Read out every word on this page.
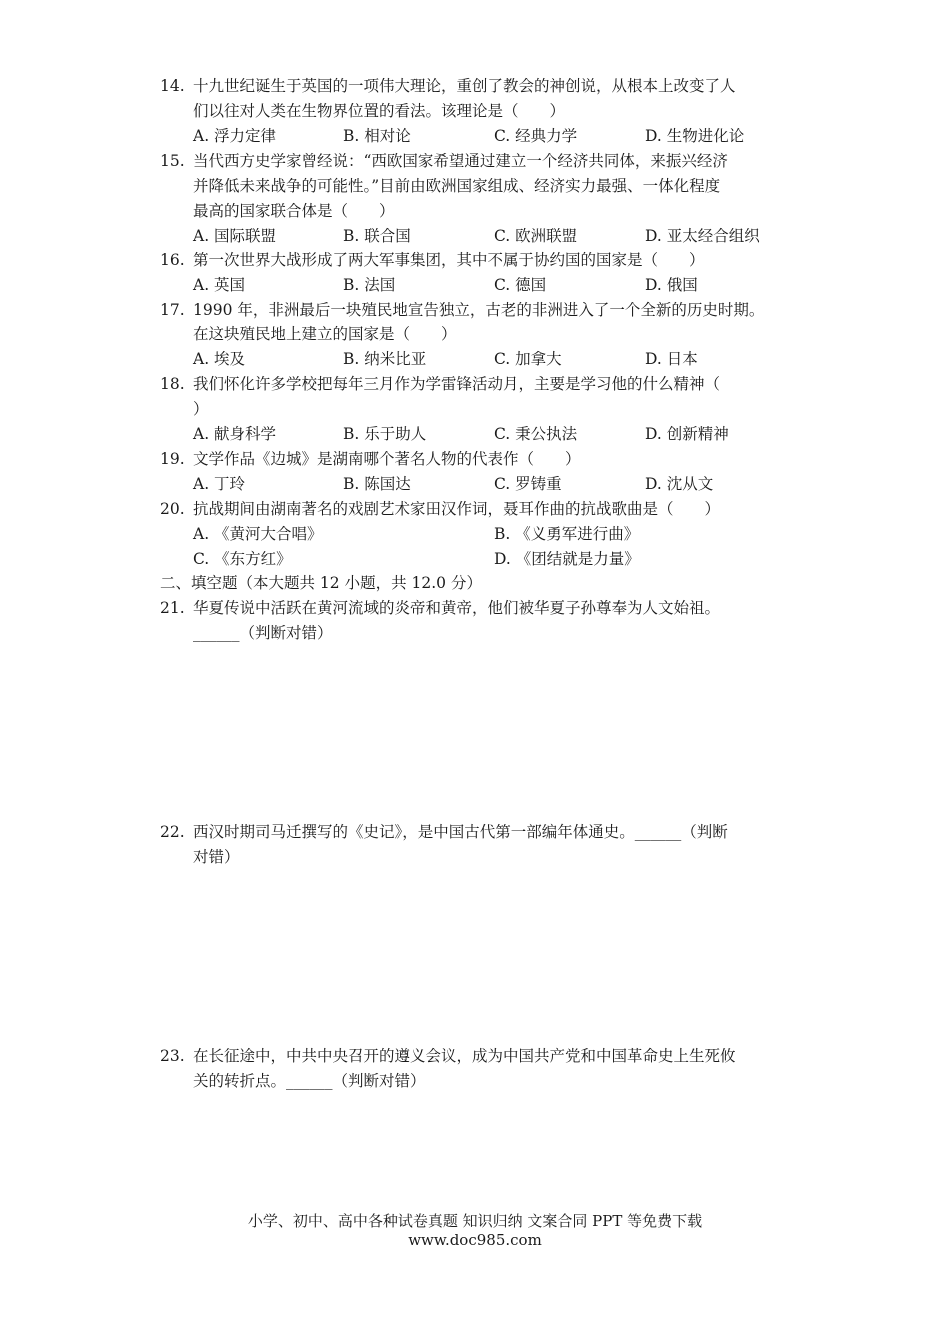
14. 十九世纪诞生于英国的一项伟大理论，重创了教会的神创说，从根本上改变了人
们以往对人类在生物界位置的看法。该理论是（　　）
A. 浮力定律	B. 相对论	C. 经典力学	D. 生物进化论
15. 当代西方史学家曾经说：“西欧国家希望通过建立一个经济共同体，来振兴经济
并降低未来战争的可能性。”目前由欧洲国家组成、经济实力最强、一体化程度
最高的国家联合体是（　　）
A. 国际联盟	B. 联合国	C. 欧洲联盟	D. 亚太经合组织
16. 第一次世界大战形成了两大军事集团，其中不属于协约国的国家是（　　）
A. 英国	B. 法国	C. 德国	D. 俄国
17. 1990 年，非洲最后一块殖民地宣告独立，古老的非洲进入了一个全新的历史时期。
在这块殖民地上建立的国家是（　　）
A. 埃及	B. 纳米比亚	C. 加拿大	D. 日本
18. 我们怀化许多学校把每年三月作为学雷锋活动月，主要是学习他的什么精神（
）
A. 献身科学	B. 乐于助人	C. 秉公执法	D. 创新精神
19. 文学作品《边城》是湖南哪个著名人物的代表作（　　）
A. 丁玲	B. 陈国达	C. 罗铸重	D. 沈从文
20. 抗战期间由湖南著名的戏剧艺术家田汉作词，聂耳作曲的抗战歌曲是（　　）
A. 《黄河大合唱》	B. 《义勇军进行曲》
C. 《东方红》	D. 《团结就是力量》
二、填空题（本大题共 12 小题，共 12.0 分）
21. 华夏传说中活跃在黄河流域的炎帝和黄帝，他们被华夏子孙尊奉为人文始祖。
______（判断对错）
22. 西汉时期司马迁撰写的《史记》，是中国古代第一部编年体通史。______（判断
对错）
23. 在长征途中，中共中央召开的遵义会议，成为中国共产党和中国革命史上生死攸
关的转折点。______（判断对错）
小学、初中、高中各种试卷真题 知识归纳 文案合同 PPT 等免费下载
www.doc985.com
